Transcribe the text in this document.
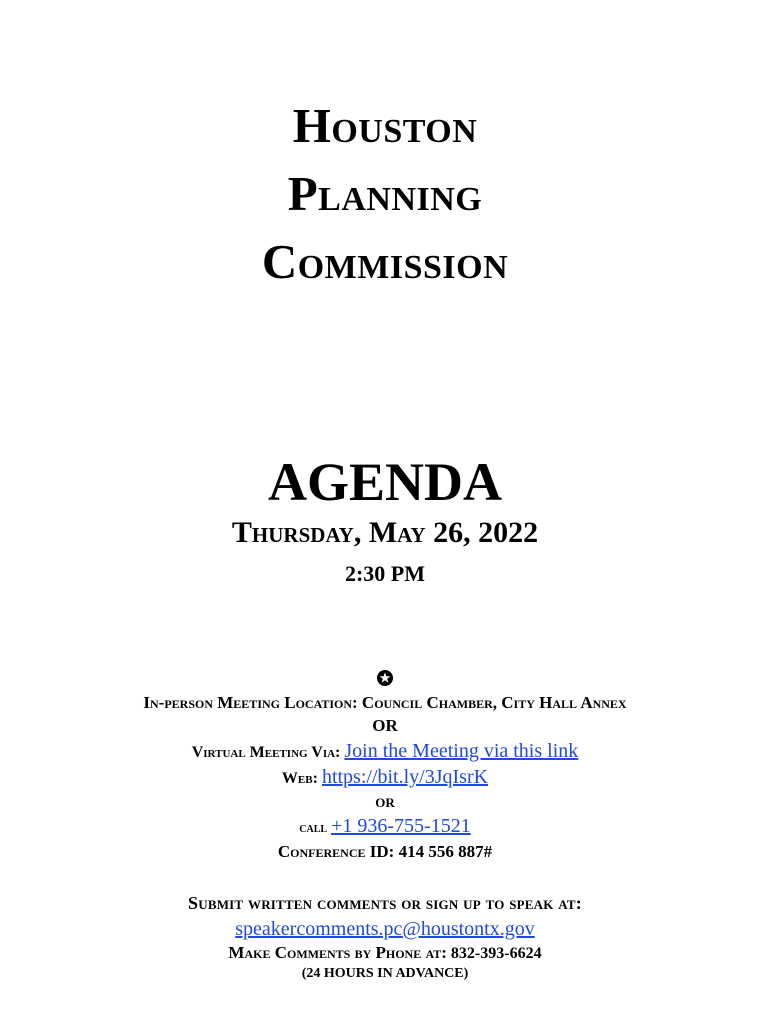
Houston
Planning
Commission
AGENDA
Thursday, May 26, 2022
2:30 PM
In-person Meeting Location: Council Chamber, City Hall Annex
OR
Virtual Meeting Via: Join the Meeting via this link
Web: https://bit.ly/3JqIsrK
OR
call +1 936-755-1521
Conference ID: 414 556 887#
Submit written comments or sign up to speak at:
speakercomments.pc@houstontx.gov
Make Comments by Phone at: 832-393-6624
(24 HOURS IN ADVANCE)
